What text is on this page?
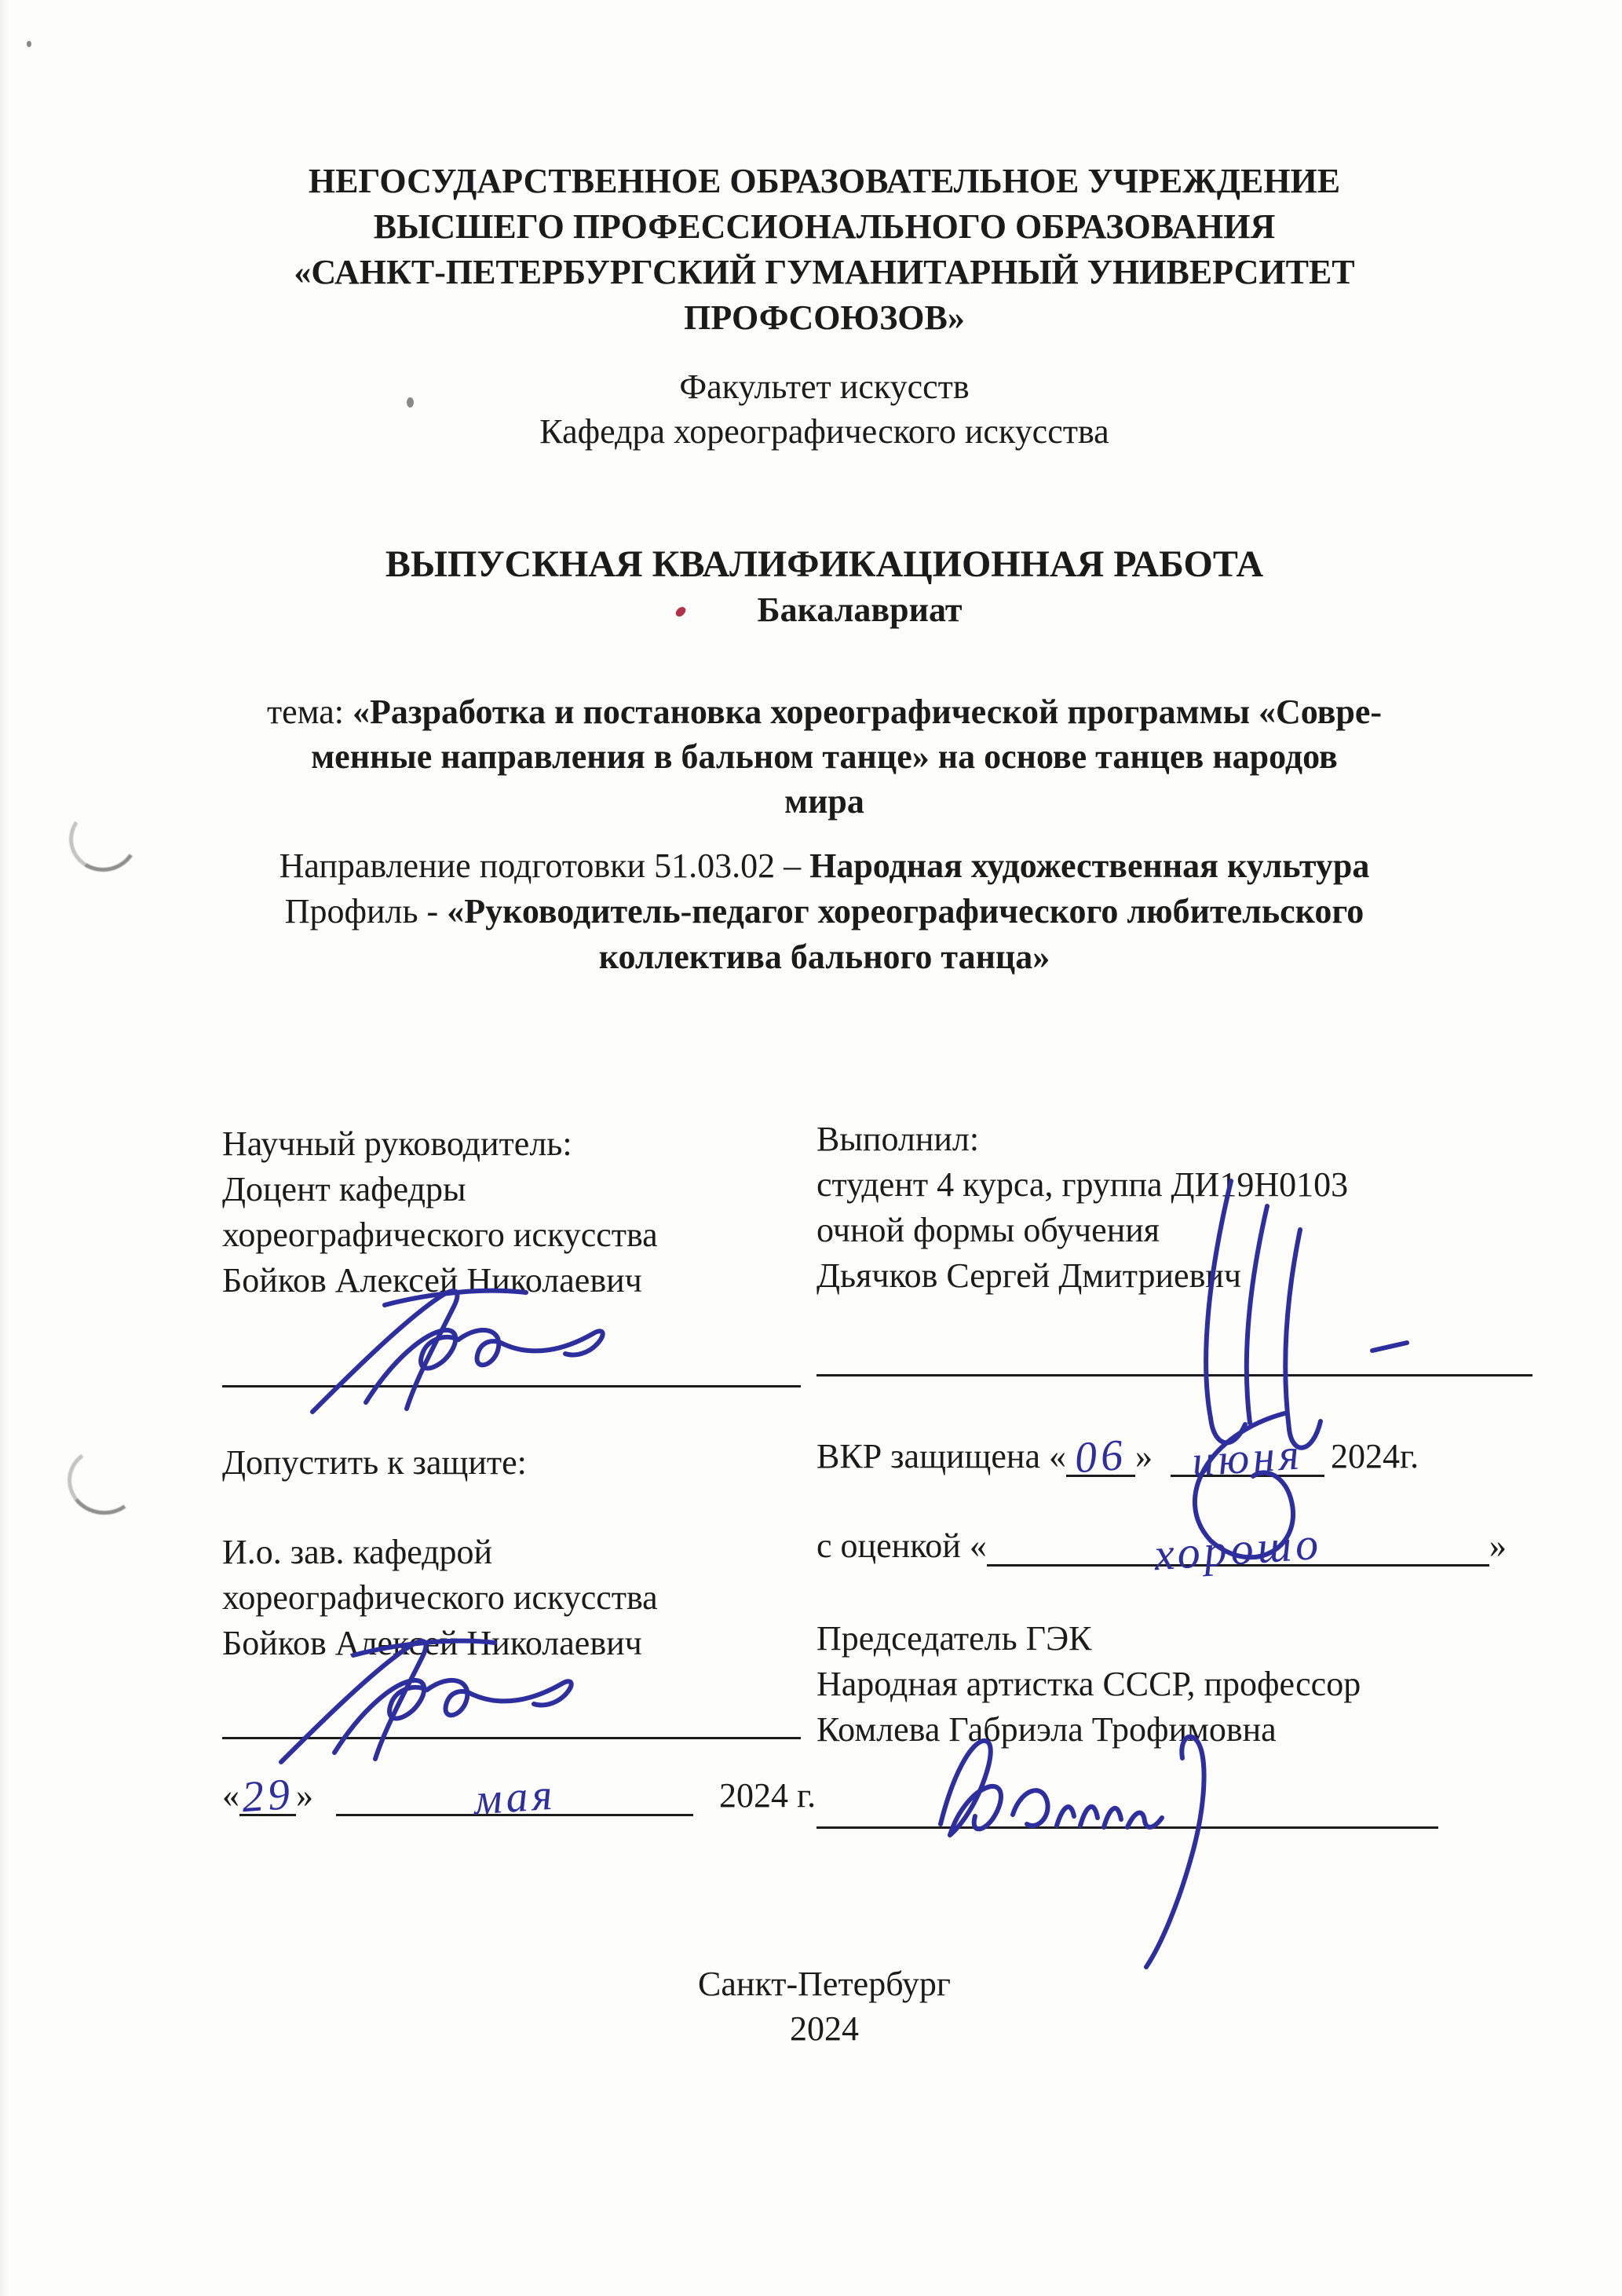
НЕГОСУДАРСТВЕННОЕ ОБРАЗОВАТЕЛЬНОЕ УЧРЕЖДЕНИЕ
ВЫСШЕГО ПРОФЕССИОНАЛЬНОГО ОБРАЗОВАНИЯ
«САНКТ-ПЕТЕРБУРГСКИЙ ГУМАНИТАРНЫЙ УНИВЕРСИТЕТ
ПРОФСОЮЗОВ»
Факультет искусств
Кафедра хореографического искусства
ВЫПУСКНАЯ КВАЛИФИКАЦИОННАЯ РАБОТА
Бакалавриат
тема: «Разработка и постановка хореографической программы «Совре-
менные направления в бальном танце» на основе танцев народов
мира
Направление подготовки 51.03.02 – Народная художественная культура
Профиль - «Руководитель-педагог хореографического любительского
коллектива бального танца»
Научный руководитель:
Доцент кафедры
хореографического искусства
Бойков Алексей Николаевич
Выполнил:
студент 4 курса, группа ДИ19Н0103
очной формы обучения
Дьячков Сергей Дмитриевич
Допустить к защите:
И.о. зав. кафедрой
хореографического искусства
Бойков Алексей Николаевич
« 29 »	мая	2024 г.
ВКР защищена « 06 » июня 2024г.
с оценкой «	хорошо	»
Председатель ГЭК
Народная артистка СССР, профессор
Комлева Габриэла Трофимовна
Санкт-Петербург
2024
